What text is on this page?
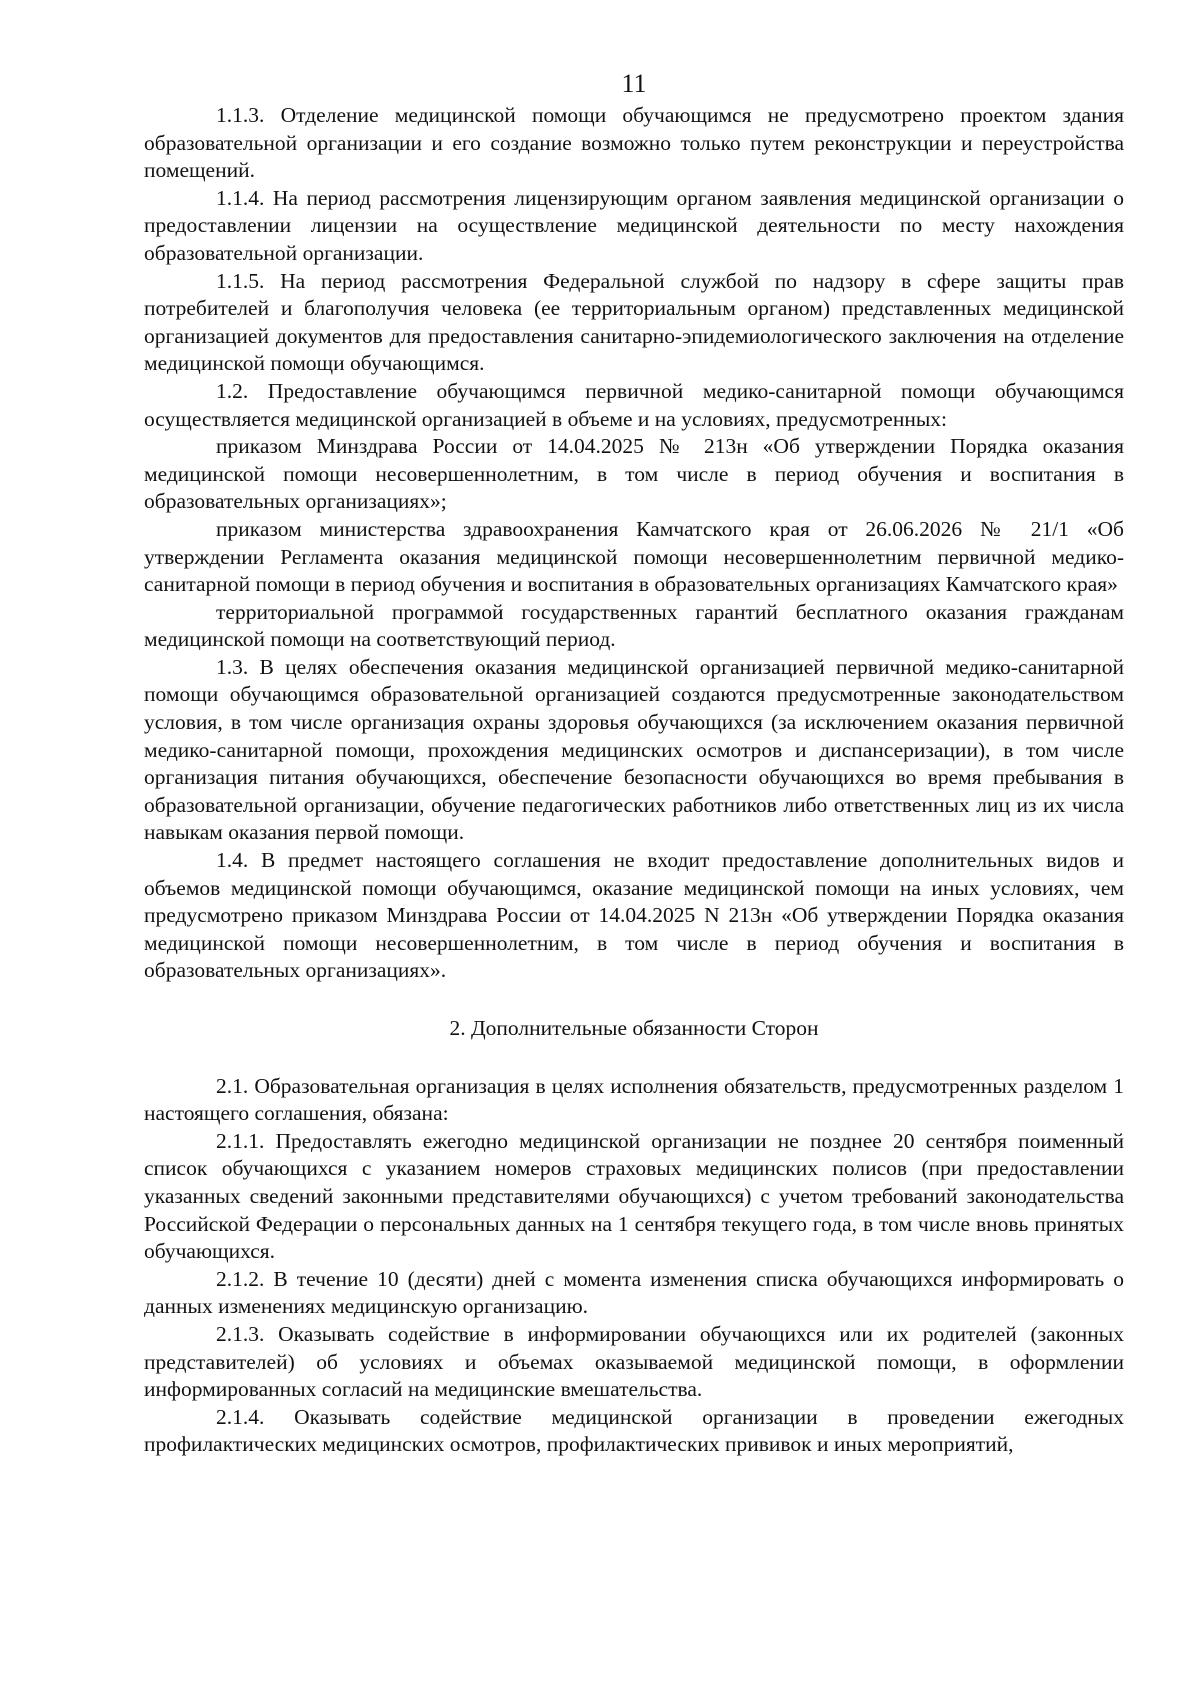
11

1.1.3. Отделение медицинской помощи обучающимся не предусмотрено проектом здания образовательной организации и его создание возможно только путем реконструкции и переустройства помещений.

1.1.4. На период рассмотрения лицензирующим органом заявления медицинской организации о предоставлении лицензии на осуществление медицинской деятельности по месту нахождения образовательной организации.

1.1.5. На период рассмотрения Федеральной службой по надзору в сфере защиты прав потребителей и благополучия человека (ее территориальным органом) представленных медицинской организацией документов для предоставления санитарно-эпидемиологического заключения на отделение медицинской помощи обучающимся.

1.2. Предоставление обучающимся первичной медико-санитарной помощи обучающимся осуществляется медицинской организацией в объеме и на условиях, предусмотренных:

приказом Минздрава России от 14.04.2025 № 213н «Об утверждении Порядка оказания медицинской помощи несовершеннолетним, в том числе в период обучения и воспитания в образовательных организациях»;

приказом министерства здравоохранения Камчатского края от 26.06.2026 № 21/1 «Об утверждении Регламента оказания медицинской помощи несовершеннолетним первичной медико-санитарной помощи в период обучения и воспитания в образовательных организациях Камчатского края»

территориальной программой государственных гарантий бесплатного оказания гражданам медицинской помощи на соответствующий период.

1.3. В целях обеспечения оказания медицинской организацией первичной медико-санитарной помощи обучающимся образовательной организацией создаются предусмотренные законодательством условия, в том числе организация охраны здоровья обучающихся (за исключением оказания первичной медико-санитарной помощи, прохождения медицинских осмотров и диспансеризации), в том числе организация питания обучающихся, обеспечение безопасности обучающихся во время пребывания в образовательной организации, обучение педагогических работников либо ответственных лиц из их числа навыкам оказания первой помощи.

1.4. В предмет настоящего соглашения не входит предоставление дополнительных видов и объемов медицинской помощи обучающимся, оказание медицинской помощи на иных условиях, чем предусмотрено приказом Минздрава России от 14.04.2025 N 213н «Об утверждении Порядка оказания медицинской помощи несовершеннолетним, в том числе в период обучения и воспитания в образовательных организациях».

2. Дополнительные обязанности Сторон

2.1. Образовательная организация в целях исполнения обязательств, предусмотренных разделом 1 настоящего соглашения, обязана:

2.1.1. Предоставлять ежегодно медицинской организации не позднее 20 сентября поименный список обучающихся с указанием номеров страховых медицинских полисов (при предоставлении указанных сведений законными представителями обучающихся) с учетом требований законодательства Российской Федерации о персональных данных на 1 сентября текущего года, в том числе вновь принятых обучающихся.

2.1.2. В течение 10 (десяти) дней с момента изменения списка обучающихся информировать о данных изменениях медицинскую организацию.

2.1.3. Оказывать содействие в информировании обучающихся или их родителей (законных представителей) об условиях и объемах оказываемой медицинской помощи, в оформлении информированных согласий на медицинские вмешательства.

2.1.4. Оказывать содействие медицинской организации в проведении ежегодных профилактических медицинских осмотров, профилактических прививок и иных мероприятий,
